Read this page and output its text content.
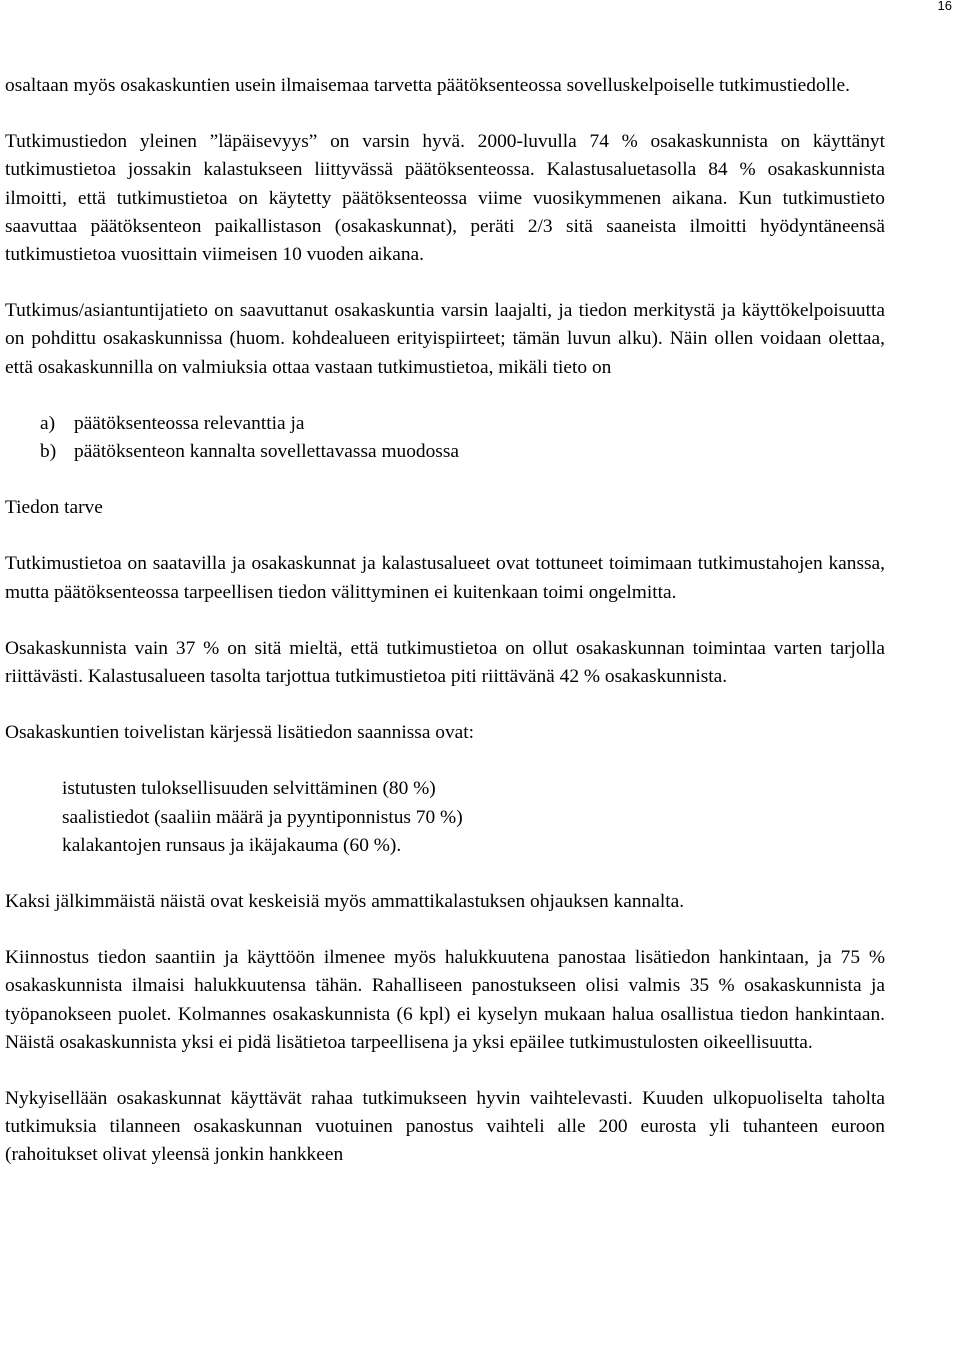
16

osaltaan myös osakaskuntien usein ilmaisemaa tarvetta päätöksenteossa sovelluskelpoiselle tutkimustiedolle.

Tutkimustiedon yleinen ”läpäisevyys” on varsin hyvä. 2000-luvulla 74 % osakaskunnista on käyttänyt tutkimustietoa jossakin kalastukseen liittyvässä päätöksenteossa. Kalastusaluetasolla 84 % osakaskunnista ilmoitti, että tutkimustietoa on käytetty päätöksenteossa viime vuosikymmenen aikana. Kun tutkimustieto saavuttaa päätöksenteon paikallistason (osakaskunnat), peräti 2/3 sitä saaneista ilmoitti hyödyntäneensä tutkimustietoa vuosittain viimeisen 10 vuoden aikana.

Tutkimus/asiantuntijatieto on saavuttanut osakaskuntia varsin laajalti, ja tiedon merkitystä ja käyttökelpoisuutta on pohdittu osakaskunnissa (huom. kohdealueen erityispiirteet; tämän luvun alku). Näin ollen voidaan olettaa, että osakaskunnilla on valmiuksia ottaa vastaan tutkimustietoa, mikäli tieto on

a) päätöksenteossa relevanttia ja
b) päätöksenteon kannalta sovellettavassa muodossa

Tiedon tarve

Tutkimustietoa on saatavilla ja osakaskunnat ja kalastusalueet ovat tottuneet toimimaan tutkimustahojen kanssa, mutta päätöksenteossa tarpeellisen tiedon välittyminen ei kuitenkaan toimi ongelmitta.

Osakaskunnista vain 37 % on sitä mieltä, että tutkimustietoa on ollut osakaskunnan toimintaa varten tarjolla riittävästi. Kalastusalueen tasolta tarjottua tutkimustietoa piti riittävänä 42 % osakaskunnista.

Osakaskuntien toivelistan kärjessä lisätiedon saannissa ovat:

istutusten tuloksellisuuden selvittäminen (80 %)
saalistiedot (saaliin määrä ja pyyntiponnistus 70 %)
kalakantojen runsaus ja ikäjakauma (60 %).

Kaksi jälkimmäistä näistä ovat keskeisiä myös ammattikalastuksen ohjauksen kannalta.

Kiinnostus tiedon saantiin ja käyttöön ilmenee myös halukkuutena panostaa lisätiedon hankintaan, ja 75 % osakaskunnista ilmaisi halukkuutensa tähän. Rahalliseen panostukseen olisi valmis 35 % osakaskunnista ja työpanokseen puolet. Kolmannes osakaskunnista (6 kpl) ei kyselyn mukaan halua osallistua tiedon hankintaan. Näistä osakaskunnista yksi ei pidä lisätietoa tarpeellisena ja yksi epäilee tutkimustulosten oikeellisuutta.

Nykyisellään osakaskunnat käyttävät rahaa tutkimukseen hyvin vaihtelevasti. Kuuden ulkopuoliselta taholta tutkimuksia tilanneen osakaskunnan vuotuinen panostus vaihteli alle 200 eurosta yli tuhanteen euroon (rahoitukset olivat yleensä jonkin hankkeen
